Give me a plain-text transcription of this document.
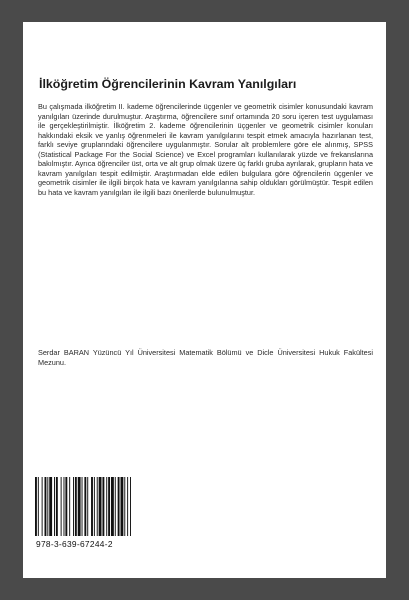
İlköğretim Öğrencilerinin Kavram Yanılgıları

Bu çalışmada ilköğretim II. kademe öğrencilerinde üçgenler ve geometrik cisimler konusundaki kavram yanılgıları üzerinde durulmuştur. Araştırma, öğrencilere sınıf ortamında 20 soru içeren test uygulaması ile gerçekleştirilmiştir. İlköğretim 2. kademe öğrencilerinin üçgenler ve geometrik cisimler konuları hakkındaki eksik ve yanlış öğrenmeleri ile kavram yanılgılarını tespit etmek amacıyla hazırlanan test, farklı seviye gruplarındaki öğrencilere uygulanmıştır. Sorular alt problemlere göre ele alınmış, SPSS (Statistical Package For the Social Science) ve Excel programları kullanılarak yüzde ve frekanslarına bakılmıştır. Ayrıca öğrenciler üst, orta ve alt grup olmak üzere üç farklı gruba ayrılarak, grupların hata ve kavram yanılgıları tespit edilmiştir. Araştırmadan elde edilen bulgulara göre öğrencilerin üçgenler ve geometrik cisimler ile ilgili birçok hata ve kavram yanılgılarına sahip oldukları görülmüştür. Tespit edilen bu hata ve kavram yanılgıları ile ilgili bazı önerilerde bulunulmuştur.

Serdar BARAN Yüzüncü Yıl Üniversitesi Matematik Bölümü ve Dicle Üniversitesi Hukuk Fakültesi Mezunu.

978-3-639-67244-2
